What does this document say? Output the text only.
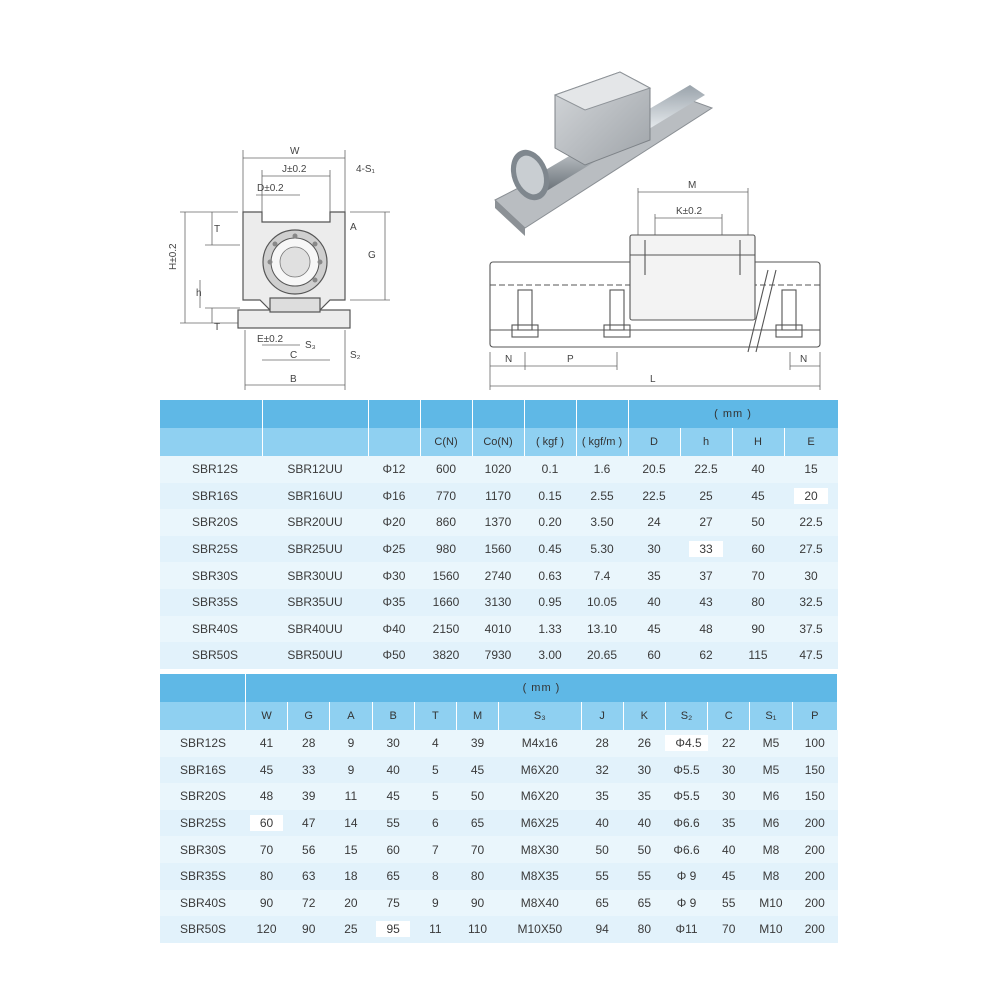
W
J±0.2	4-S₁
D±0.2
T	A
H±0.2	G
h
T
E±0.2
S₃
C	S₂
B
M
K±0.2
N	P	N
L
							( mm )			
			C(N)	Co(N)	( kgf )	( kgf/m )	D	h	H	E
SBR12S	SBR12UU	Φ12	600	1020	0.1	1.6	20.5	22.5	40	15
SBR16S	SBR16UU	Φ16	770	1170	0.15	2.55	22.5	25	45	20
SBR20S	SBR20UU	Φ20	860	1370	0.20	3.50	24	27	50	22.5
SBR25S	SBR25UU	Φ25	980	1560	0.45	5.30	30	33	60	27.5
SBR30S	SBR30UU	Φ30	1560	2740	0.63	7.4	35	37	70	30
SBR35S	SBR35UU	Φ35	1660	3130	0.95	10.05	40	43	80	32.5
SBR40S	SBR40UU	Φ40	2150	4010	1.33	13.10	45	48	90	37.5
SBR50S	SBR50UU	Φ50	3820	7930	3.00	20.65	60	62	115	47.5
	( mm )												
	W	G	A	B	T	M	S₃	J	K	S₂	C	S₁	P
SBR12S	41	28	9	30	4	39	M4x16	28	26	Φ4.5	22	M5	100
SBR16S	45	33	9	40	5	45	M6X20	32	30	Φ5.5	30	M5	150
SBR20S	48	39	11	45	5	50	M6X20	35	35	Φ5.5	30	M6	150
SBR25S	60	47	14	55	6	65	M6X25	40	40	Φ6.6	35	M6	200
SBR30S	70	56	15	60	7	70	M8X30	50	50	Φ6.6	40	M8	200
SBR35S	80	63	18	65	8	80	M8X35	55	55	Φ 9	45	M8	200
SBR40S	90	72	20	75	9	90	M8X40	65	65	Φ 9	55	M10	200
SBR50S	120	90	25	95	11	110	M10X50	94	80	Φ11	70	M10	200
